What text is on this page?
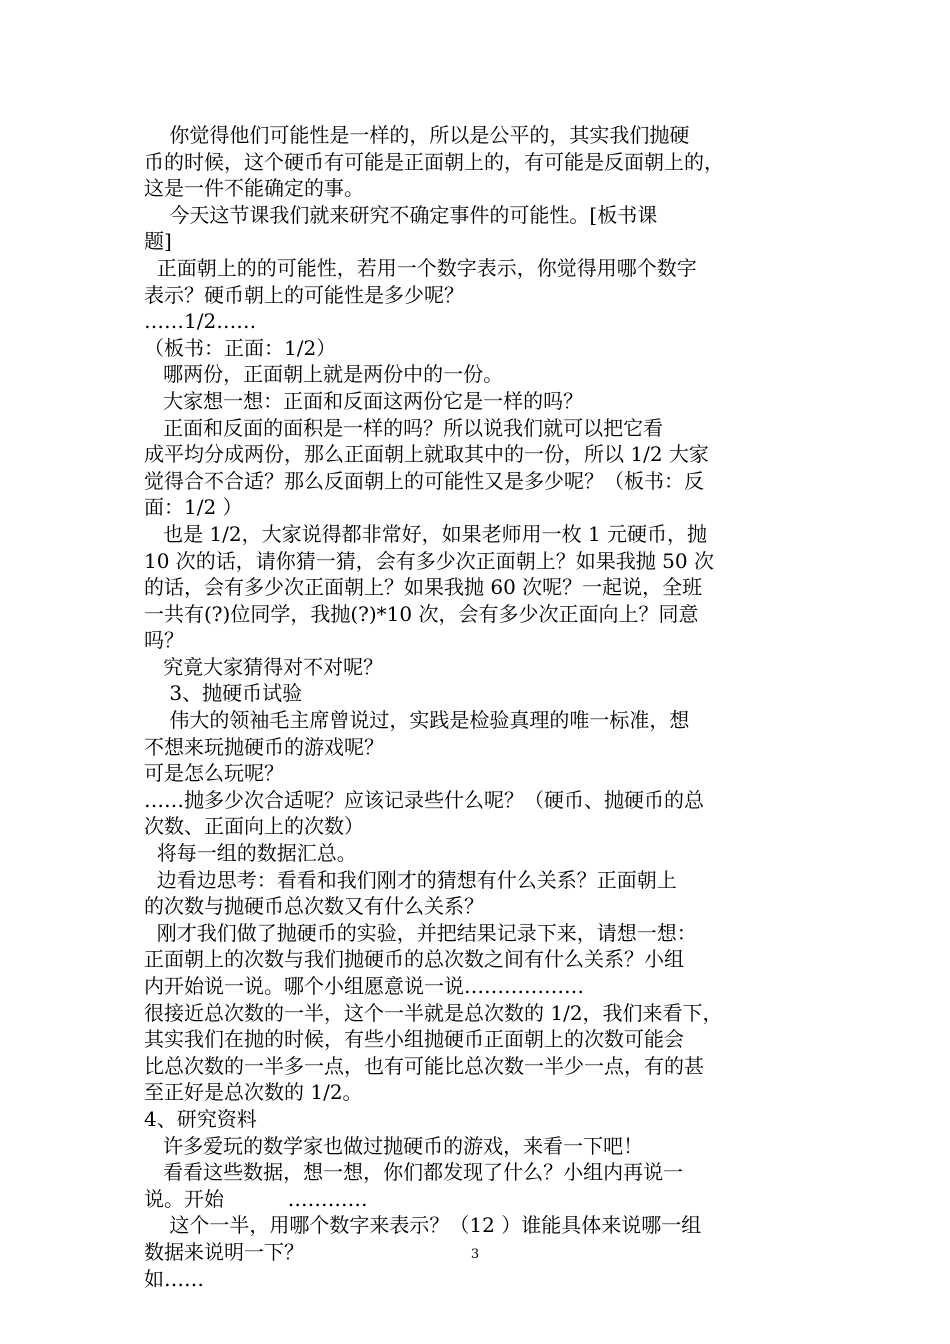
你觉得他们可能性是一样的，所以是公平的，其实我们抛硬
币的时候，这个硬币有可能是正面朝上的，有可能是反面朝上的，
这是一件不能确定的事。
今天这节课我们就来研究不确定事件的可能性。[板书课
题]
正面朝上的的可能性，若用一个数字表示，你觉得用哪个数字
表示？硬币朝上的可能性是多少呢？
……1/2……
（板书：正面：1/2）
哪两份，正面朝上就是两份中的一份。
大家想一想：正面和反面这两份它是一样的吗？
正面和反面的面积是一样的吗？所以说我们就可以把它看
成平均分成两份，那么正面朝上就取其中的一份，所以 1/2 大家
觉得合不合适？那么反面朝上的可能性又是多少呢？（板书：反
面：1/2 ）
也是 1/2，大家说得都非常好，如果老师用一枚 1 元硬币，抛
10 次的话，请你猜一猜，会有多少次正面朝上？如果我抛 50 次
的话，会有多少次正面朝上？如果我抛 60 次呢？一起说，全班
一共有(?)位同学，我抛(?)*10 次，会有多少次正面向上？同意
吗？
究竟大家猜得对不对呢？
3、抛硬币试验
伟大的领袖毛主席曾说过，实践是检验真理的唯一标准，想
不想来玩抛硬币的游戏呢？
可是怎么玩呢？
……抛多少次合适呢？应该记录些什么呢？（硬币、抛硬币的总
次数、正面向上的次数）
将每一组的数据汇总。
边看边思考：看看和我们刚才的猜想有什么关系？正面朝上
的次数与抛硬币总次数又有什么关系？
刚才我们做了抛硬币的实验，并把结果记录下来，请想一想：
正面朝上的次数与我们抛硬币的总次数之间有什么关系？小组
内开始说一说。哪个小组愿意说一说………………
很接近总次数的一半，这个一半就是总次数的 1/2，我们来看下，
其实我们在抛的时候，有些小组抛硬币正面朝上的次数可能会
比总次数的一半多一点，也有可能比总次数一半少一点，有的甚
至正好是总次数的 1/2。
4、研究资料
许多爱玩的数学家也做过抛硬币的游戏，来看一下吧！
看看这些数据，想一想，你们都发现了什么？小组内再说一
说。开始          …………
这个一半，用哪个数字来表示？（12 ）谁能具体来说哪一组
数据来说明一下？
如……
3
